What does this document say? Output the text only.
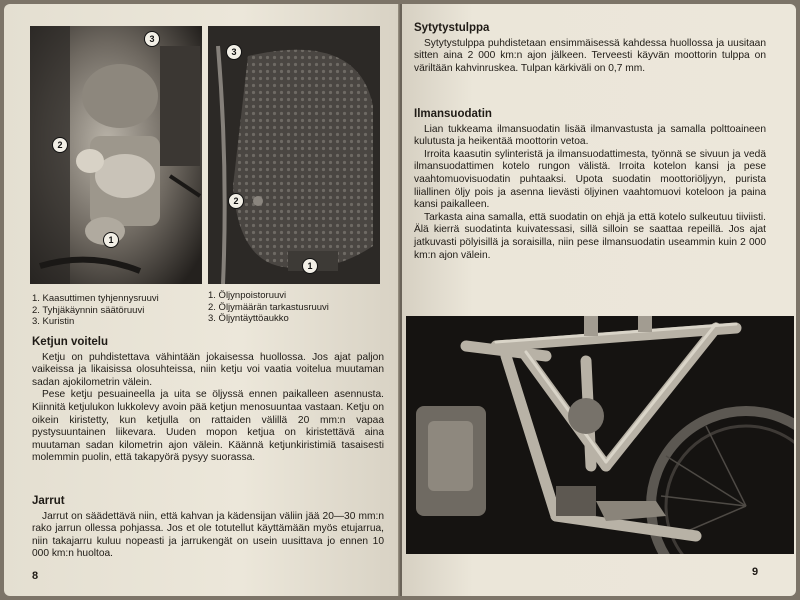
3
2
1
3
2
1
1. Kaasuttimen tyhjennysruuvi
2. Tyhjäkäynnin säätöruuvi
3. Kuristin
1. Öljynpoistoruuvi
2. Öljymäärän tarkastusruuvi
3. Öljyntäyttöaukko
Ketjun voitelu

Ketju on puhdistettava vähintään jokaisessa huollossa. Jos ajat paljon vaikeissa ja likaisissa olosuhteissa, niin ketju voi vaatia voitelua muutaman sadan ajokilometrin välein.

Pese ketju pesuaineella ja uita se öljyssä ennen paikalleen asennusta. Kiinnitä ketjulukon lukkolevy avoin pää ketjun menosuuntaa vastaan. Ketju on oikein kiristetty, kun ketjulla on rattaiden välillä 20 mm:n vapaa pystysuuntainen liikevara. Uuden mopon ketjua on kiristettävä aina muutaman sadan kilometrin ajon välein. Käännä ketjunkiristimiä tasaisesti molemmin puolin, että takapyörä pysyy suorassa.

Jarrut

Jarrut on säädettävä niin, että kahvan ja kädensijan väliin jää 20—30 mm:n rako jarrun ollessa pohjassa. Jos et ole totutellut käyttämään myös etujarrua, niin takajarru kuluu nopeasti ja jarrukengät on usein uusittava jo ennen 10 000 km:n huoltoa.

8
Sytytystulppa

Sytytystulppa puhdistetaan ensimmäisessä kahdessa huollossa ja uusitaan sitten aina 2 000 km:n ajon jälkeen. Terveesti käyvän moottorin tulppa on väriltään kahvinruskea. Tulpan kärkiväli on 0,7 mm.

Ilmansuodatin

Lian tukkeama ilmansuodatin lisää ilmanvastusta ja samalla polttoaineen kulutusta ja heikentää moottorin vetoa.

Irroita kaasutin sylinteristä ja ilmansuodattimesta, työnnä se sivuun ja vedä ilmansuodattimen kotelo rungon välistä. Irroita kotelon kansi ja pese vaahtomuovisuodatin puhtaaksi. Upota suodatin moottoriöljyyn, purista liiallinen öljy pois ja asenna lievästi öljyinen vaahtomuovi koteloon ja paina kansi paikalleen.

Tarkasta aina samalla, että suodatin on ehjä ja että kotelo sulkeutuu tiiviisti. Älä kierrä suodatinta kuivatessasi, sillä silloin se saattaa repeillä. Jos ajat jatkuvasti pölyisillä ja soraisilla, niin pese ilmansuodatin useammin kuin 2 000 km:n ajon välein.

9
